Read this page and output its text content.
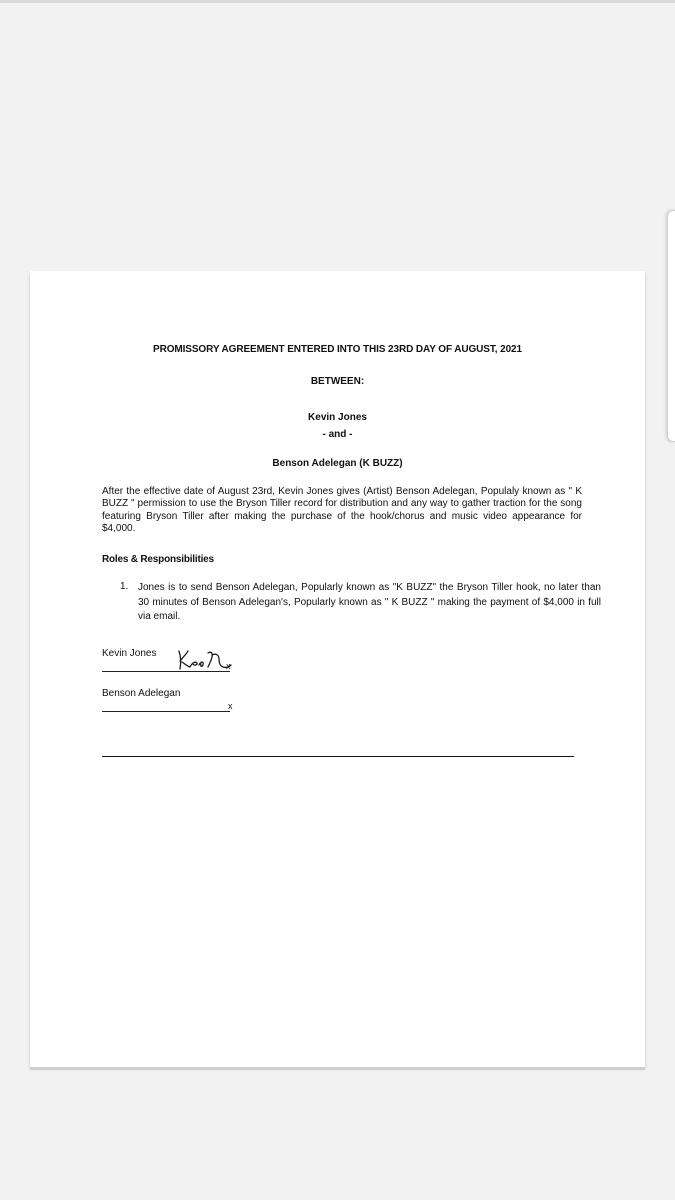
PROMISSORY AGREEMENT ENTERED INTO THIS 23RD DAY OF AUGUST, 2021
BETWEEN:
Kevin Jones
- and -
Benson Adelegan (K BUZZ)
After the effective date of August 23rd, Kevin Jones gives (Artist) Benson Adelegan, Populaly known as " K BUZZ " permission to use the Bryson Tiller record for distribution and any way to gather traction for the song featuring Bryson Tiller after making the purchase of the hook/chorus and music video appearance for $4,000.
Roles & Responsibilities
1. Jones is to send Benson Adelegan, Popularly known as "K BUZZ" the Bryson Tiller hook, no later than 30 minutes of Benson Adelegan's, Popularly known as " K BUZZ " making the payment of $4,000 in full via email.
Kevin Jones
x
Benson Adelegan
x
